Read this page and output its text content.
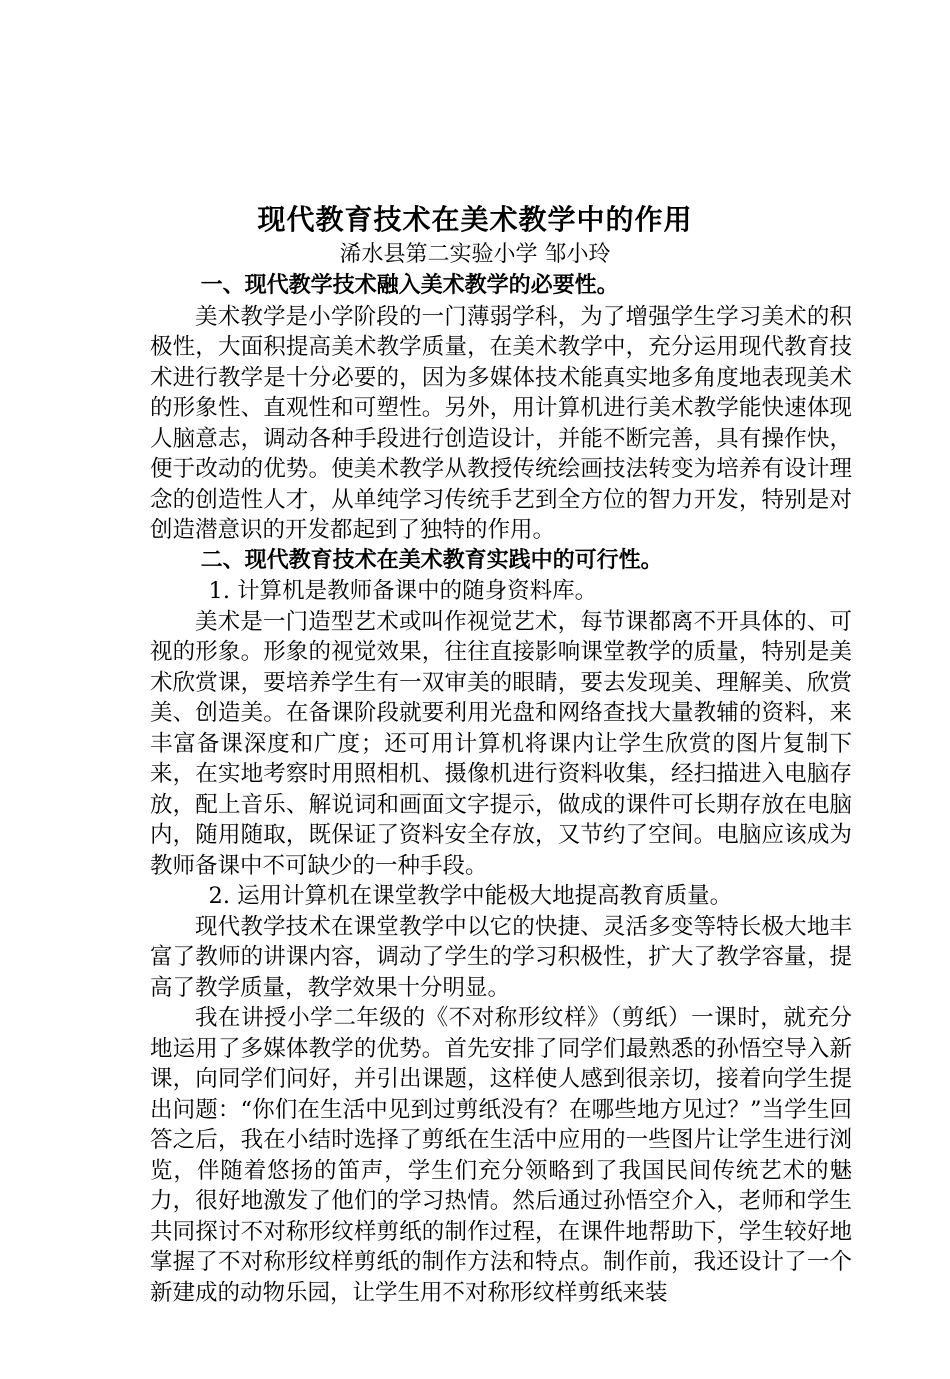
现代教育技术在美术教学中的作用
浠水县第二实验小学 邹小玲

一、现代教学技术融入美术教学的必要性。

美术教学是小学阶段的一门薄弱学科，为了增强学生学习美术的积极性，大面积提高美术教学质量，在美术教学中，充分运用现代教育技术进行教学是十分必要的，因为多媒体技术能真实地多角度地表现美术的形象性、直观性和可塑性。另外，用计算机进行美术教学能快速体现人脑意志，调动各种手段进行创造设计，并能不断完善，具有操作快，便于改动的优势。使美术教学从教授传统绘画技法转变为培养有设计理念的创造性人才，从单纯学习传统手艺到全方位的智力开发，特别是对创造潜意识的开发都起到了独特的作用。

二、现代教育技术在美术教育实践中的可行性。

1. 计算机是教师备课中的随身资料库。

美术是一门造型艺术或叫作视觉艺术，每节课都离不开具体的、可视的形象。形象的视觉效果，往往直接影响课堂教学的质量，特别是美术欣赏课，要培养学生有一双审美的眼睛，要去发现美、理解美、欣赏美、创造美。在备课阶段就要利用光盘和网络查找大量教辅的资料，来丰富备课深度和广度；还可用计算机将课内让学生欣赏的图片复制下来，在实地考察时用照相机、摄像机进行资料收集，经扫描进入电脑存放，配上音乐、解说词和画面文字提示，做成的课件可长期存放在电脑内，随用随取，既保证了资料安全存放，又节约了空间。电脑应该成为教师备课中不可缺少的一种手段。

2. 运用计算机在课堂教学中能极大地提高教育质量。

现代教学技术在课堂教学中以它的快捷、灵活多变等特长极大地丰富了教师的讲课内容，调动了学生的学习积极性，扩大了教学容量，提高了教学质量，教学效果十分明显。

我在讲授小学二年级的《不对称形纹样》（剪纸）一课时，就充分地运用了多媒体教学的优势。首先安排了同学们最熟悉的孙悟空导入新课，向同学们问好，并引出课题，这样使人感到很亲切，接着向学生提出问题：“你们在生活中见到过剪纸没有？在哪些地方见过？”当学生回答之后，我在小结时选择了剪纸在生活中应用的一些图片让学生进行浏览，伴随着悠扬的笛声，学生们充分领略到了我国民间传统艺术的魅力，很好地激发了他们的学习热情。然后通过孙悟空介入，老师和学生共同探讨不对称形纹样剪纸的制作过程，在课件地帮助下，学生较好地掌握了不对称形纹样剪纸的制作方法和特点。制作前，我还设计了一个新建成的动物乐园，让学生用不对称形纹样剪纸来装
